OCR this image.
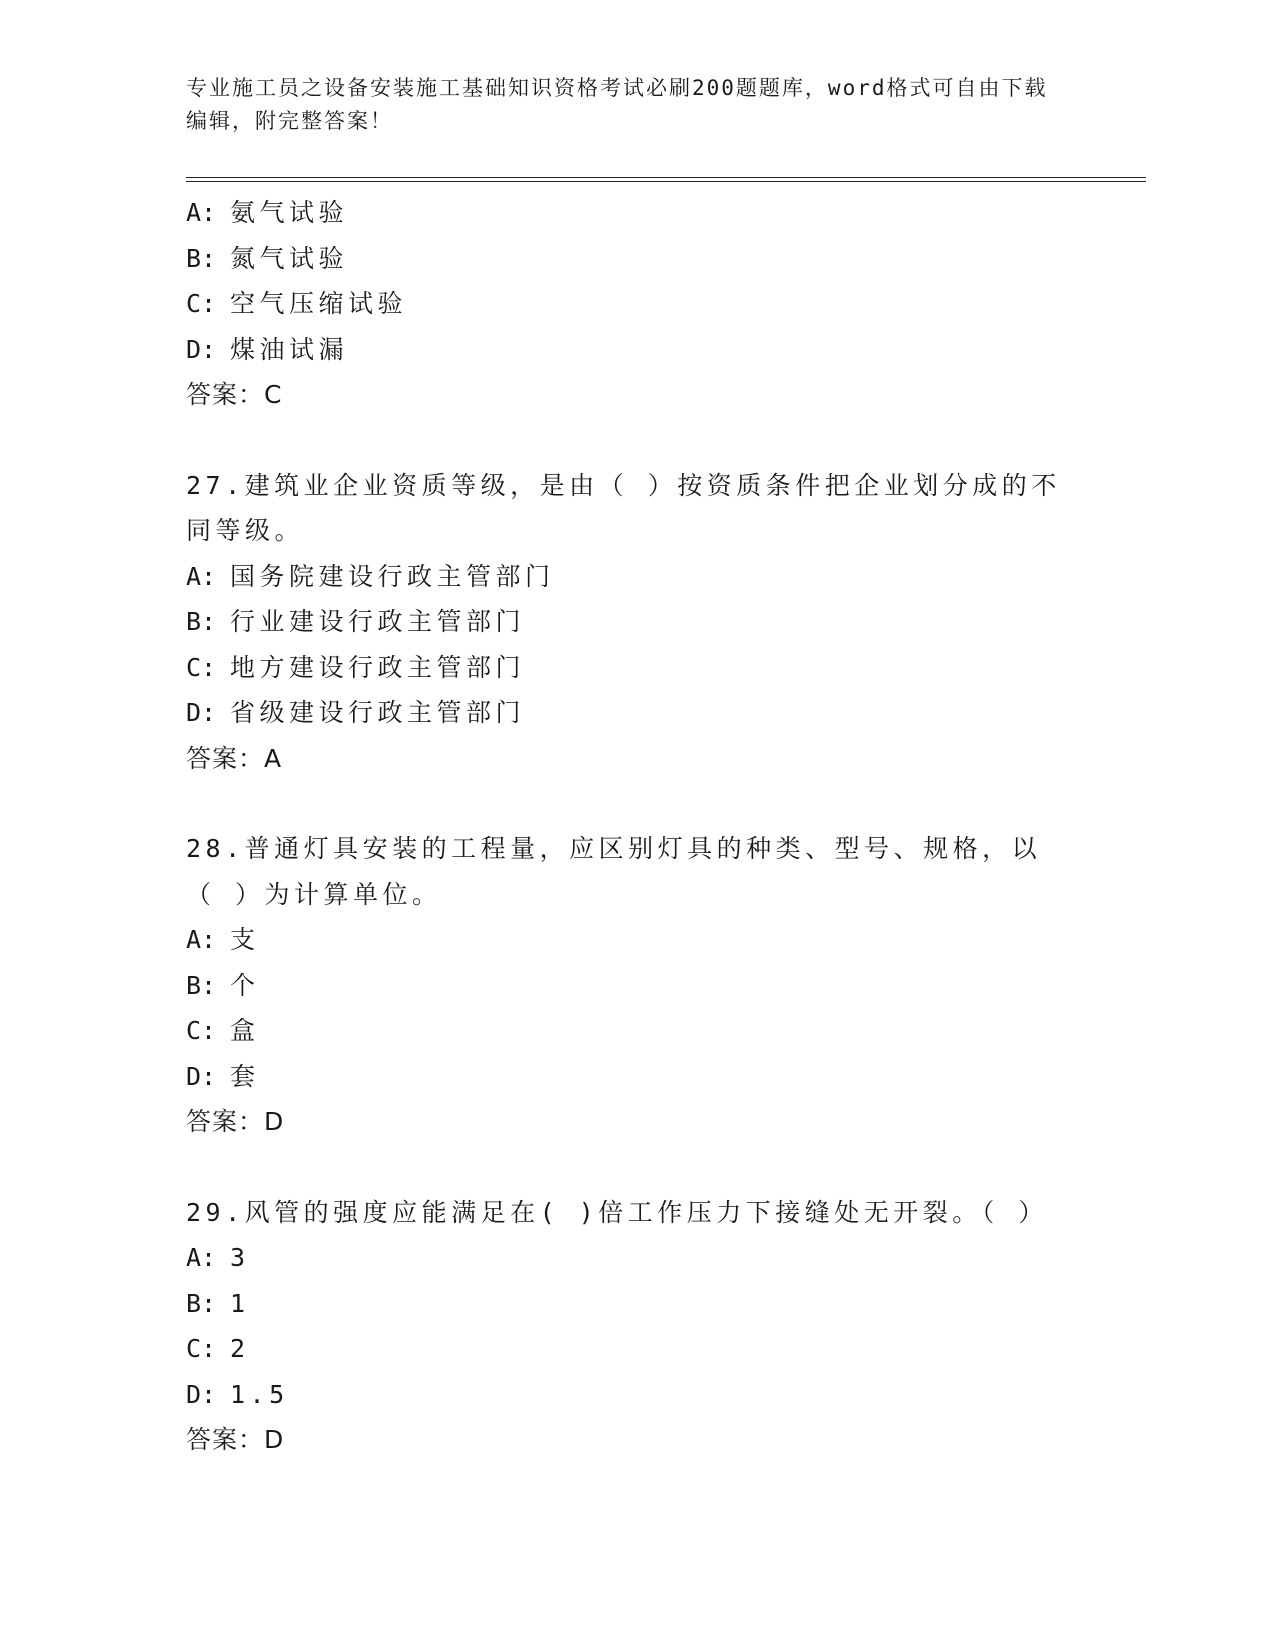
专业施工员之设备安装施工基础知识资格考试必刷200题题库，word格式可自由下载编辑，附完整答案！
A: 氨气试验
B: 氮气试验
C: 空气压缩试验
D: 煤油试漏
答案：C
27.建筑业企业资质等级，是由（ ）按资质条件把企业划分成的不同等级。
A: 国务院建设行政主管部门
B: 行业建设行政主管部门
C: 地方建设行政主管部门
D: 省级建设行政主管部门
答案：A
28.普通灯具安装的工程量，应区别灯具的种类、型号、规格，以（ ）为计算单位。
A: 支
B: 个
C: 盒
D: 套
答案：D
29.风管的强度应能满足在( )倍工作压力下接缝处无开裂。（ ）
A: 3
B: 1
C: 2
D: 1.5
答案：D
